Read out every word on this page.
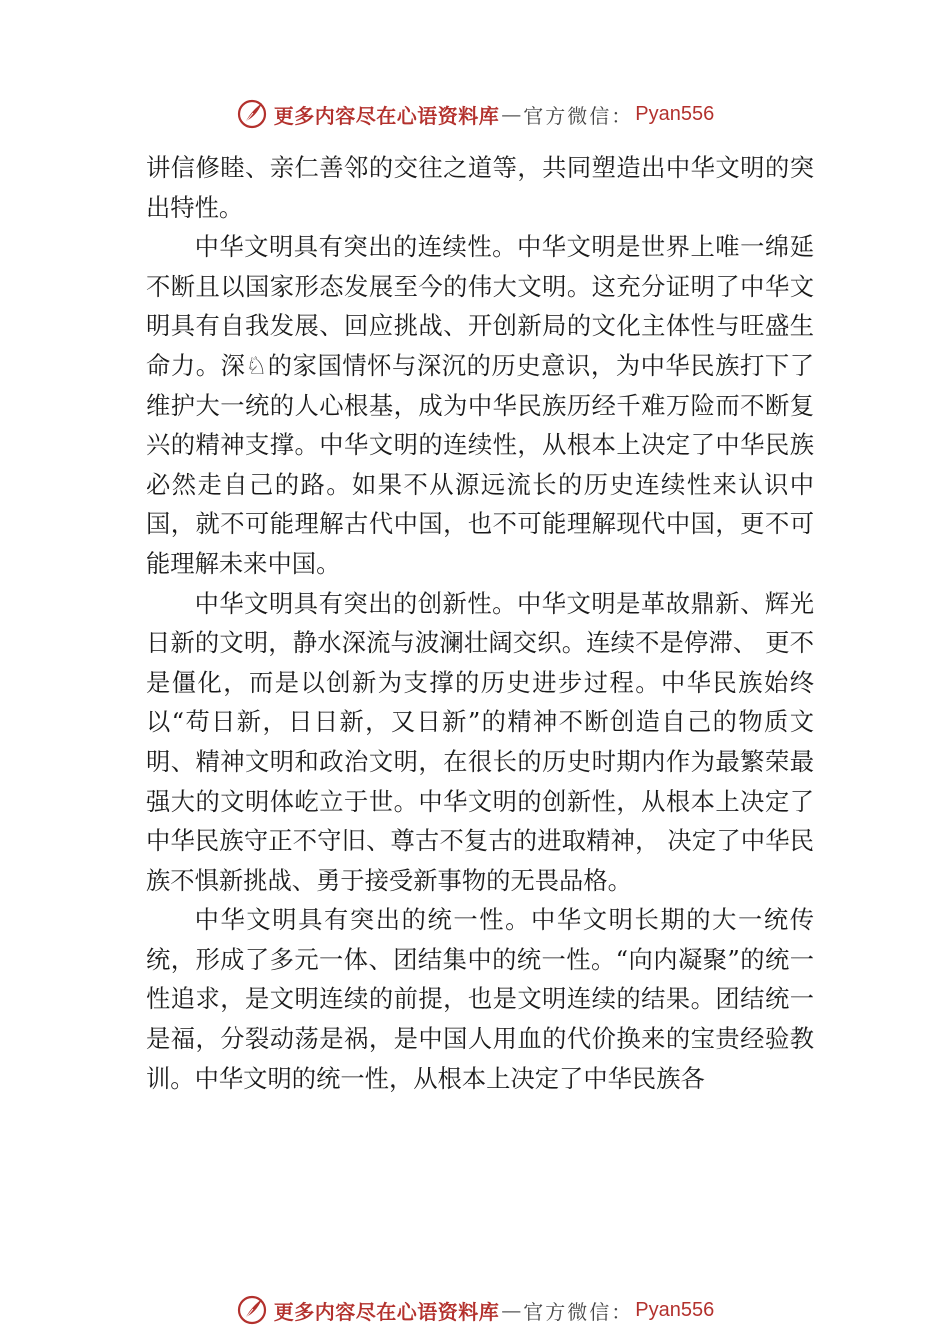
更多内容尽在心语资料库 — 官方微信： Pyan556

讲信修睦、亲仁善邻的交往之道等，共同塑造出中华文明的突出特性。

中华文明具有突出的连续性。中华文明是世界上唯一绵延不断且以国家形态发展至今的伟大文明。这充分证明了中华文明具有自我发展、回应挑战、开创新局的文化主体性与旺盛生命力。深♘的家国情怀与深沉的历史意识，为中华民族打下了维护大一统的人心根基，成为中华民族历经千难万险而不断复兴的精神支撑。中华文明的连续性，从根本上决定了中华民族必然走自己的路。如果不从源远流长的历史连续性来认识中国，就不可能理解古代中国，也不可能理解现代中国，更不可能理解未来中国。

中华文明具有突出的创新性。中华文明是革故鼎新、辉光日新的文明，静水深流与波澜壮阔交织。连续不是停滞、 更不是僵化，而是以创新为支撑的历史进步过程。中华民族始终以“苟日新，日日新，又日新”的精神不断创造自己的物质文明、精神文明和政治文明，在很长的历史时期内作为最繁荣最强大的文明体屹立于世。中华文明的创新性，从根本上决定了中华民族守正不守旧、尊古不复古的进取精神， 决定了中华民族不惧新挑战、勇于接受新事物的无畏品格。

中华文明具有突出的统一性。中华文明长期的大一统传统，形成了多元一体、团结集中的统一性。“向内凝聚”的统一性追求，是文明连续的前提，也是文明连续的结果。团结统一是福，分裂动荡是祸，是中国人用血的代价换来的宝贵经验教训。中华文明的统一性，从根本上决定了中华民族各

更多内容尽在心语资料库 — 官方微信： Pyan556
